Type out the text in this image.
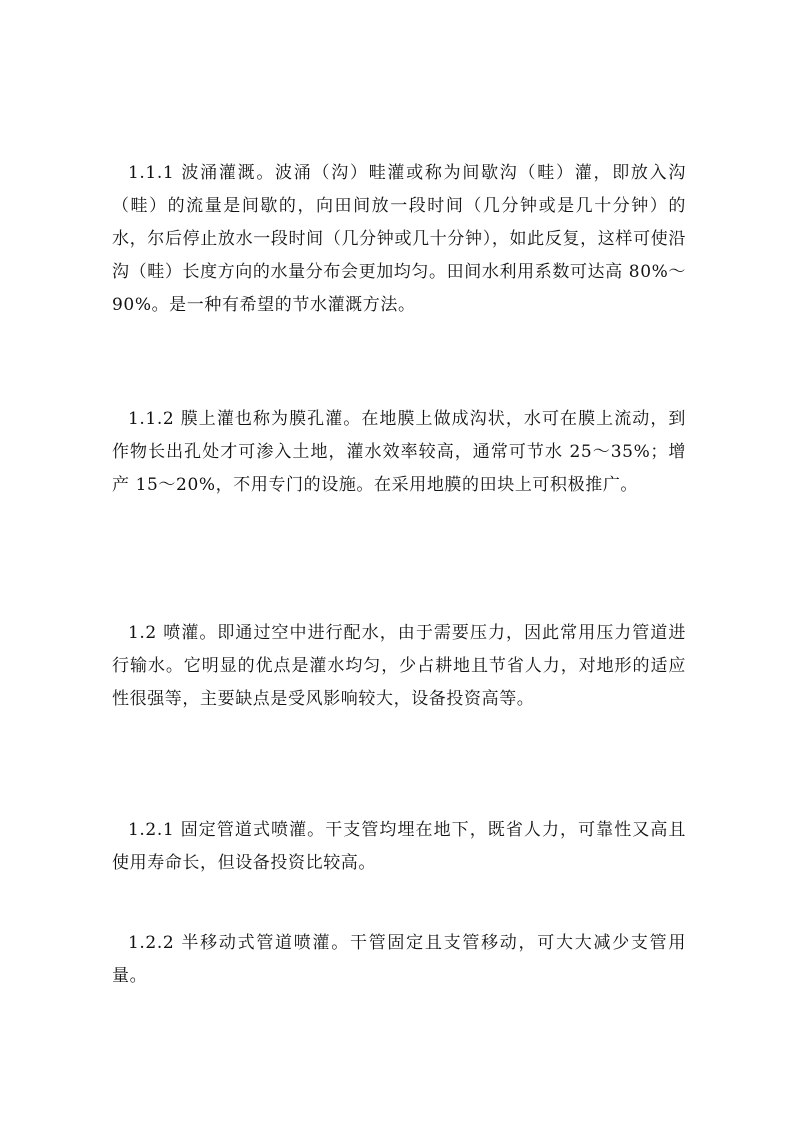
1.1.1 波涌灌溉。波涌（沟）畦灌或称为间歇沟（畦）灌，即放入沟（畦）的流量是间歇的，向田间放一段时间（几分钟或是几十分钟）的水，尔后停止放水一段时间（几分钟或几十分钟），如此反复，这样可使沿沟（畦）长度方向的水量分布会更加均匀。田间水利用系数可达高 80%～90%。是一种有希望的节水灌溉方法。

1.1.2 膜上灌也称为膜孔灌。在地膜上做成沟状，水可在膜上流动，到作物长出孔处才可渗入土地，灌水效率较高，通常可节水 25～35%；增产 15～20%，不用专门的设施。在采用地膜的田块上可积极推广。

1.2 喷灌。即通过空中进行配水，由于需要压力，因此常用压力管道进行输水。它明显的优点是灌水均匀，少占耕地且节省人力，对地形的适应性很强等，主要缺点是受风影响较大，设备投资高等。

1.2.1 固定管道式喷灌。干支管均埋在地下，既省人力，可靠性又高且使用寿命长，但设备投资比较高。

1.2.2 半移动式管道喷灌。干管固定且支管移动，可大大减少支管用量。
